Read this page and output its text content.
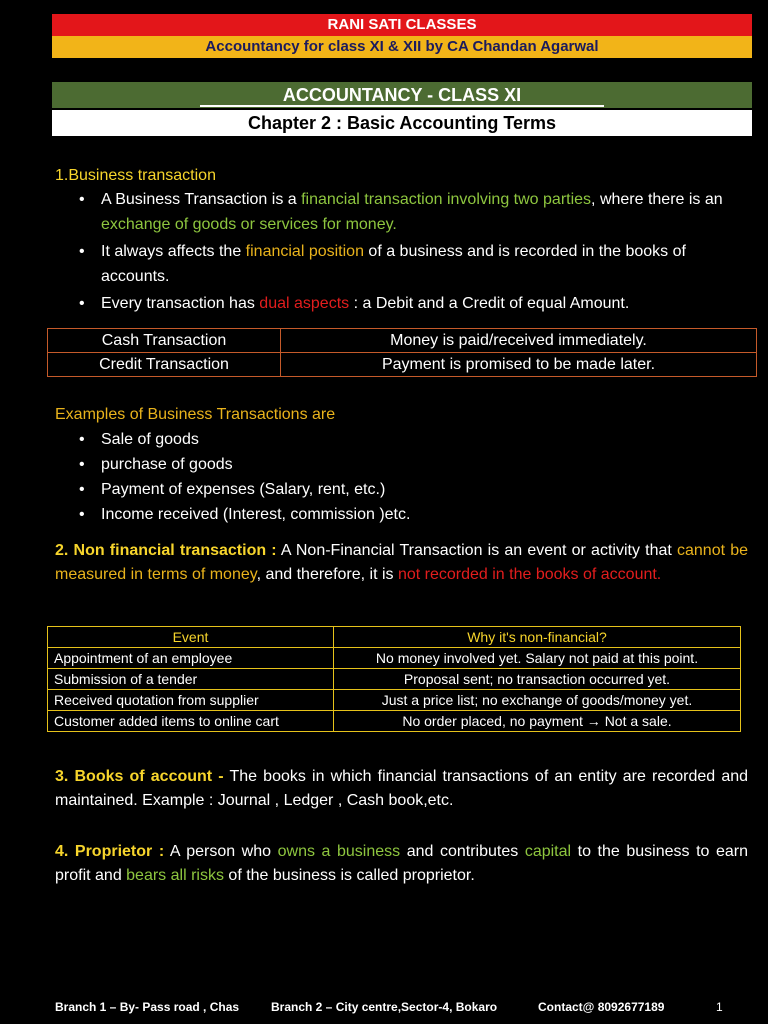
RANI SATI CLASSES
Accountancy for class XI & XII by CA Chandan Agarwal
ACCOUNTANCY - CLASS XI
Chapter 2 : Basic Accounting Terms
1.Business transaction
• A Business Transaction is a financial transaction involving two parties, where there is an exchange of goods or services for money.
• It always affects the financial position of a business and is recorded in the books of accounts.
• Every transaction has dual aspects : a Debit and a Credit of equal Amount.
Cash Transaction	Money is paid/received immediately.
Credit Transaction	Payment is promised to be made later.
Examples of Business Transactions are
• Sale of goods
• purchase of goods
• Payment of expenses (Salary, rent, etc.)
• Income received (Interest, commission )etc.
2. Non financial transaction : A Non-Financial Transaction is an event or activity that cannot be measured in terms of money, and therefore, it is not recorded in the books of account.
Event	Why it's non-financial?
Appointment of an employee	No money involved yet. Salary not paid at this point.
Submission of a tender	Proposal sent; no transaction occurred yet.
Received quotation from supplier	Just a price list; no exchange of goods/money yet.
Customer added items to online cart	No order placed, no payment → Not a sale.
3. Books of account - The books in which financial transactions of an entity are recorded and maintained. Example : Journal , Ledger , Cash book,etc.
4. Proprietor : A person who owns a business and contributes capital to the business to earn profit and bears all risks of the business is called proprietor.
Branch 1 – By- Pass road , Chas	Branch 2 – City centre,Sector-4, Bokaro	Contact@ 8092677189	1
